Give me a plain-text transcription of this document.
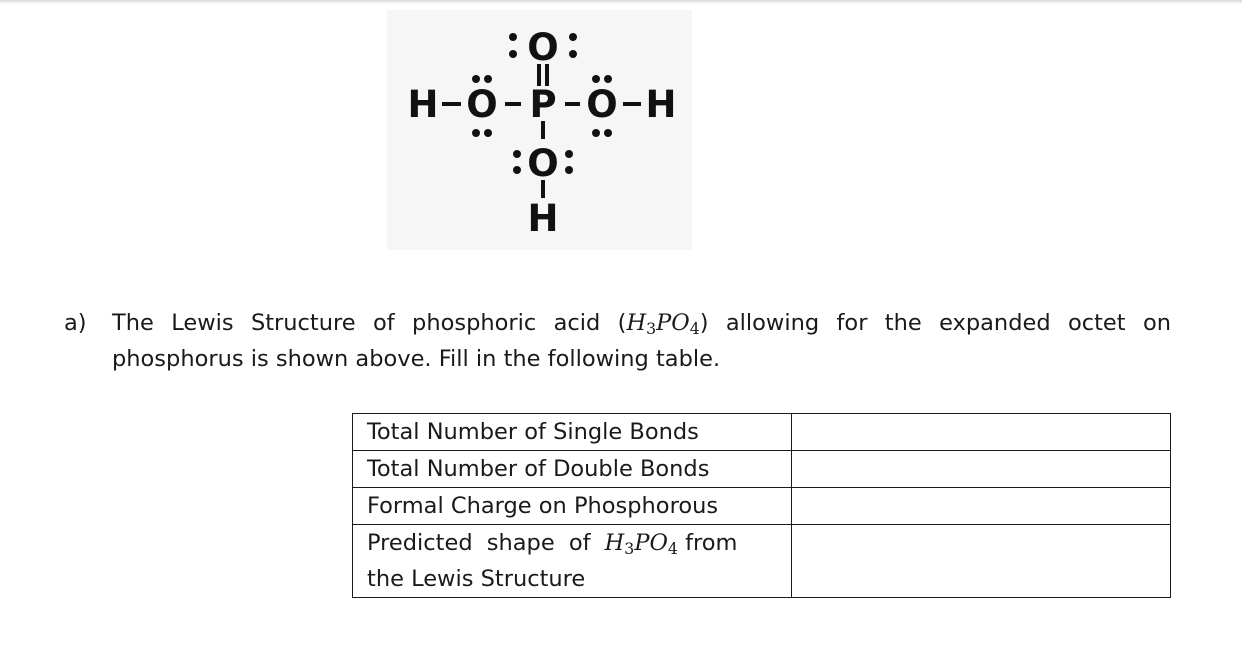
O
H O P O H
O
H
a) The Lewis Structure of phosphoric acid $(H_3PO_4)$ allowing for the expanded octet on phosphorus is shown above. Fill in the following table.
Total Number of Single Bonds	
Total Number of Double Bonds	
Formal Charge on Phosphorous	
Predicted shape of $H_3PO_4$ from the Lewis Structure	
